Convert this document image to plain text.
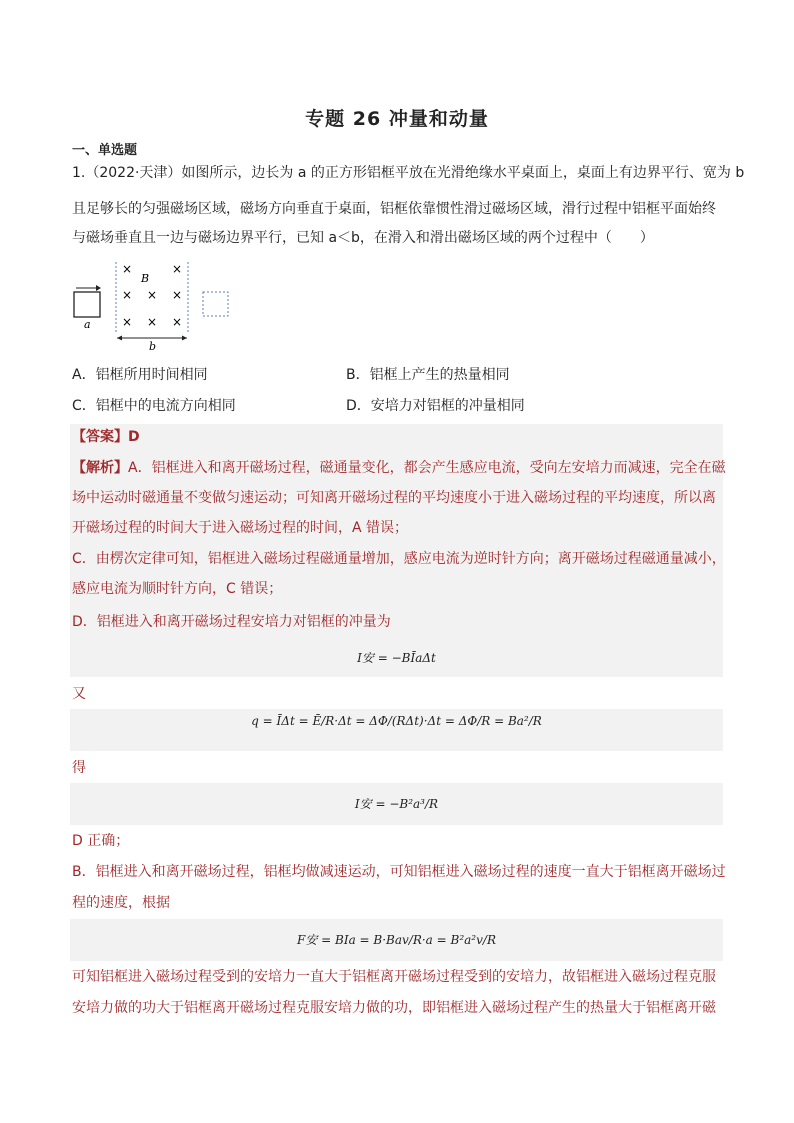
专题 26 冲量和动量
一、单选题
1.（2022·天津）如图所示，边长为 a 的正方形铝框平放在光滑绝缘水平桌面上，桌面上有边界平行、宽为 b
且足够长的匀强磁场区域，磁场方向垂直于桌面，铝框依靠惯性滑过磁场区域，滑行过程中铝框平面始终
与磁场垂直且一边与磁场边界平行，已知 a＜b，在滑入和滑出磁场区域的两个过程中（　　）
a
×	×
B
× × ×
× × ×
b
A．铝框所用时间相同	B．铝框上产生的热量相同
C．铝框中的电流方向相同	D．安培力对铝框的冲量相同
【答案】D
【解析】A．铝框进入和离开磁场过程，磁通量变化，都会产生感应电流，受向左安培力而减速，完全在磁
场中运动时磁通量不变做匀速运动；可知离开磁场过程的平均速度小于进入磁场过程的平均速度，所以离
开磁场过程的时间大于进入磁场过程的时间，A 错误；
C．由楞次定律可知，铝框进入磁场过程磁通量增加，感应电流为逆时针方向；离开磁场过程磁通量减小，
感应电流为顺时针方向，C 错误；
D．铝框进入和离开磁场过程安培力对铝框的冲量为
I安 = −BĪaΔt
又
q = ĪΔt = Ē/R·Δt = ΔΦ/(RΔt)·Δt = ΔΦ/R = Ba²/R
得
I安 = −B²a³/R
D 正确；
B．铝框进入和离开磁场过程，铝框均做减速运动，可知铝框进入磁场过程的速度一直大于铝框离开磁场过
程的速度，根据
F安 = BIa = B·Bav/R·a = B²a²v/R
可知铝框进入磁场过程受到的安培力一直大于铝框离开磁场过程受到的安培力，故铝框进入磁场过程克服
安培力做的功大于铝框离开磁场过程克服安培力做的功，即铝框进入磁场过程产生的热量大于铝框离开磁
